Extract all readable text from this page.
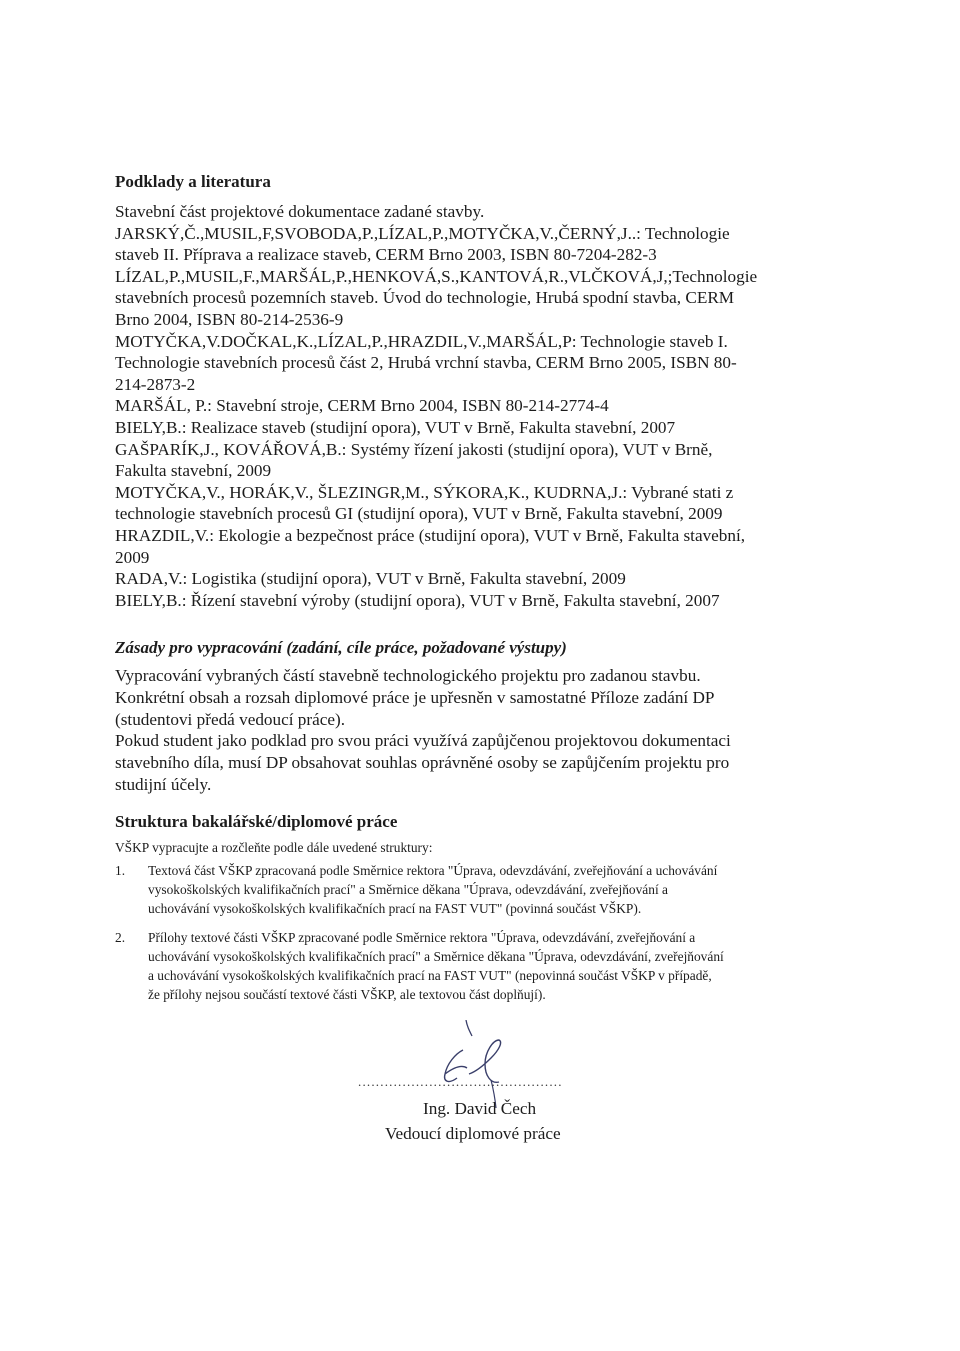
Podklady a literatura
Stavební část projektové dokumentace zadané stavby.
JARSKÝ,Č.,MUSIL,F,SVOBODA,P.,LÍZAL,P.,MOTYČKA,V.,ČERNÝ,J..: Technologie
staveb II. Příprava a realizace staveb, CERM Brno 2003, ISBN 80-7204-282-3
LÍZAL,P.,MUSIL,F.,MARŠÁL,P.,HENKOVÁ,S.,KANTOVÁ,R.,VLČKOVÁ,J,;Technologie
stavebních procesů pozemních staveb. Úvod do technologie, Hrubá spodní stavba, CERM
Brno 2004, ISBN 80-214-2536-9
MOTYČKA,V.DOČKAL,K.,LÍZAL,P.,HRAZDIL,V.,MARŠÁL,P: Technologie staveb I.
Technologie stavebních procesů část 2, Hrubá vrchní stavba, CERM Brno 2005, ISBN 80-
214-2873-2
MARŠÁL, P.: Stavební stroje, CERM Brno 2004, ISBN 80-214-2774-4
BIELY,B.: Realizace staveb (studijní opora), VUT v Brně, Fakulta stavební, 2007
GAŠPARÍK,J., KOVÁŘOVÁ,B.: Systémy řízení jakosti (studijní opora), VUT v Brně,
Fakulta stavební, 2009
MOTYČKA,V., HORÁK,V., ŠLEZINGR,M., SÝKORA,K., KUDRNA,J.: Vybrané stati z
technologie stavebních procesů GI (studijní opora), VUT v Brně, Fakulta stavební, 2009
HRAZDIL,V.: Ekologie a bezpečnost práce (studijní opora), VUT v Brně, Fakulta stavební,
2009
RADA,V.: Logistika (studijní opora), VUT v Brně, Fakulta stavební, 2009
BIELY,B.: Řízení stavební výroby (studijní opora), VUT v Brně, Fakulta stavební, 2007
Zásady pro vypracování (zadání, cíle práce, požadované výstupy)
Vypracování vybraných částí stavebně technologického projektu pro zadanou stavbu.
Konkrétní obsah a rozsah diplomové práce je upřesněn v samostatné Příloze zadání DP
(studentovi předá vedoucí práce).
Pokud student jako podklad pro svou práci využívá zapůjčenou projektovou dokumentaci
stavebního díla, musí DP obsahovat souhlas oprávněné osoby se zapůjčením projektu pro
studijní účely.
Struktura bakalářské/diplomové práce
VŠKP vypracujte a rozčleňte podle dále uvedené struktury:
1.	Textová část VŠKP zpracovaná podle Směrnice rektora "Úprava, odevzdávání, zveřejňování a uchovávání
vysokoškolských kvalifikačních prací" a Směrnice děkana "Úprava, odevzdávání, zveřejňování a
uchovávání vysokoškolských kvalifikačních prací na FAST VUT" (povinná součást VŠKP).
2.	Přílohy textové části VŠKP zpracované podle Směrnice rektora "Úprava, odevzdávání, zveřejňování a
uchovávání vysokoškolských kvalifikačních prací" a Směrnice děkana "Úprava, odevzdávání, zveřejňování
a uchovávání vysokoškolských kvalifikačních prací na FAST VUT" (nepovinná součást VŠKP v případě,
že přílohy nejsou součástí textové části VŠKP, ale textovou část doplňují).
..............................................
Ing. David Čech
Vedoucí diplomové práce
